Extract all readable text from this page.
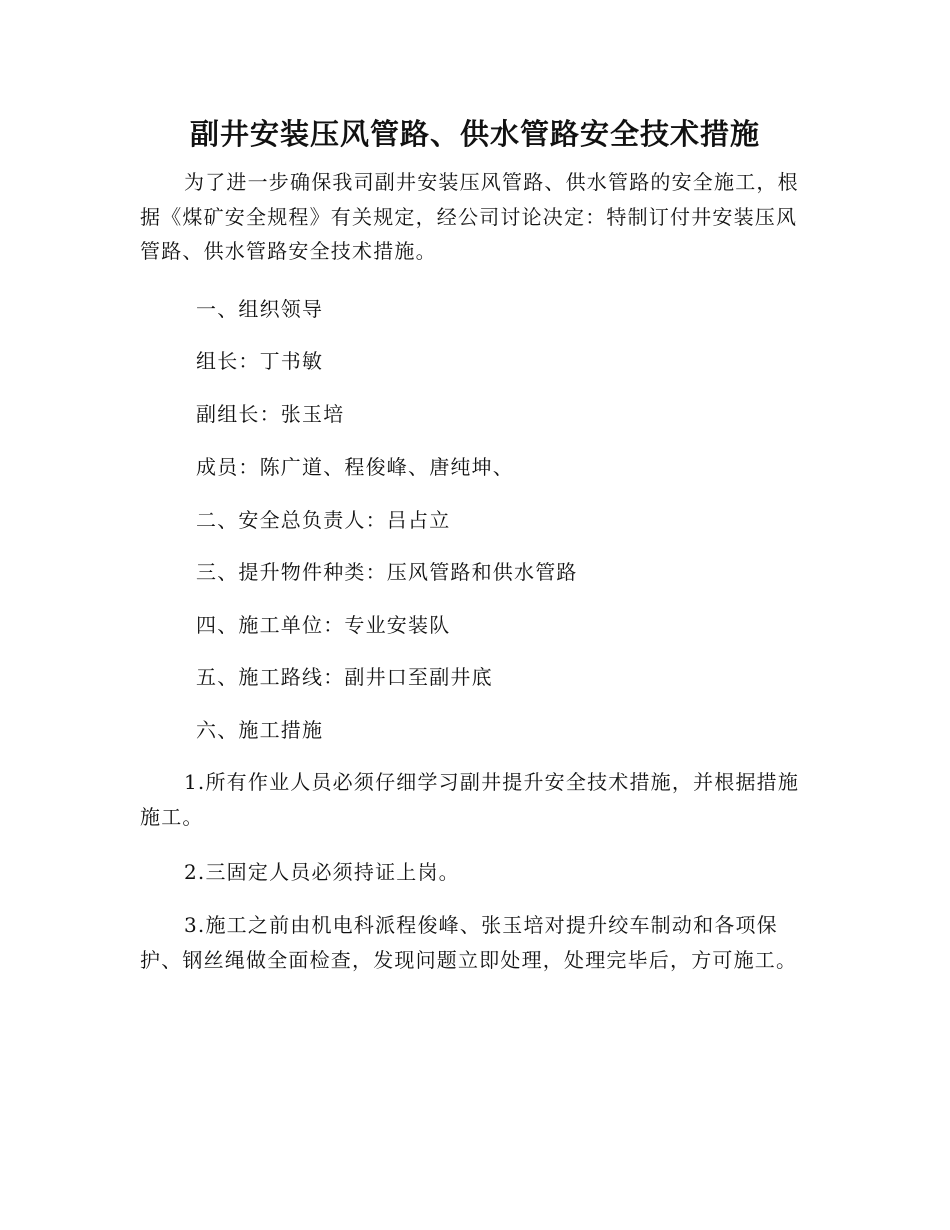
副井安装压风管路、供水管路安全技术措施

为了进一步确保我司副井安装压风管路、供水管路的安全施工，根据《煤矿安全规程》有关规定，经公司讨论决定：特制订付井安装压风管路、供水管路安全技术措施。

一、组织领导

组长：丁书敏

副组长：张玉培

成员：陈广道、程俊峰、唐纯坤、

二、安全总负责人：吕占立

三、提升物件种类：压风管路和供水管路

四、施工单位：专业安装队

五、施工路线：副井口至副井底

六、施工措施

1.所有作业人员必须仔细学习副井提升安全技术措施，并根据措施施工。

2.三固定人员必须持证上岗。

3.施工之前由机电科派程俊峰、张玉培对提升绞车制动和各项保护、钢丝绳做全面检查，发现问题立即处理，处理完毕后，方可施工。
